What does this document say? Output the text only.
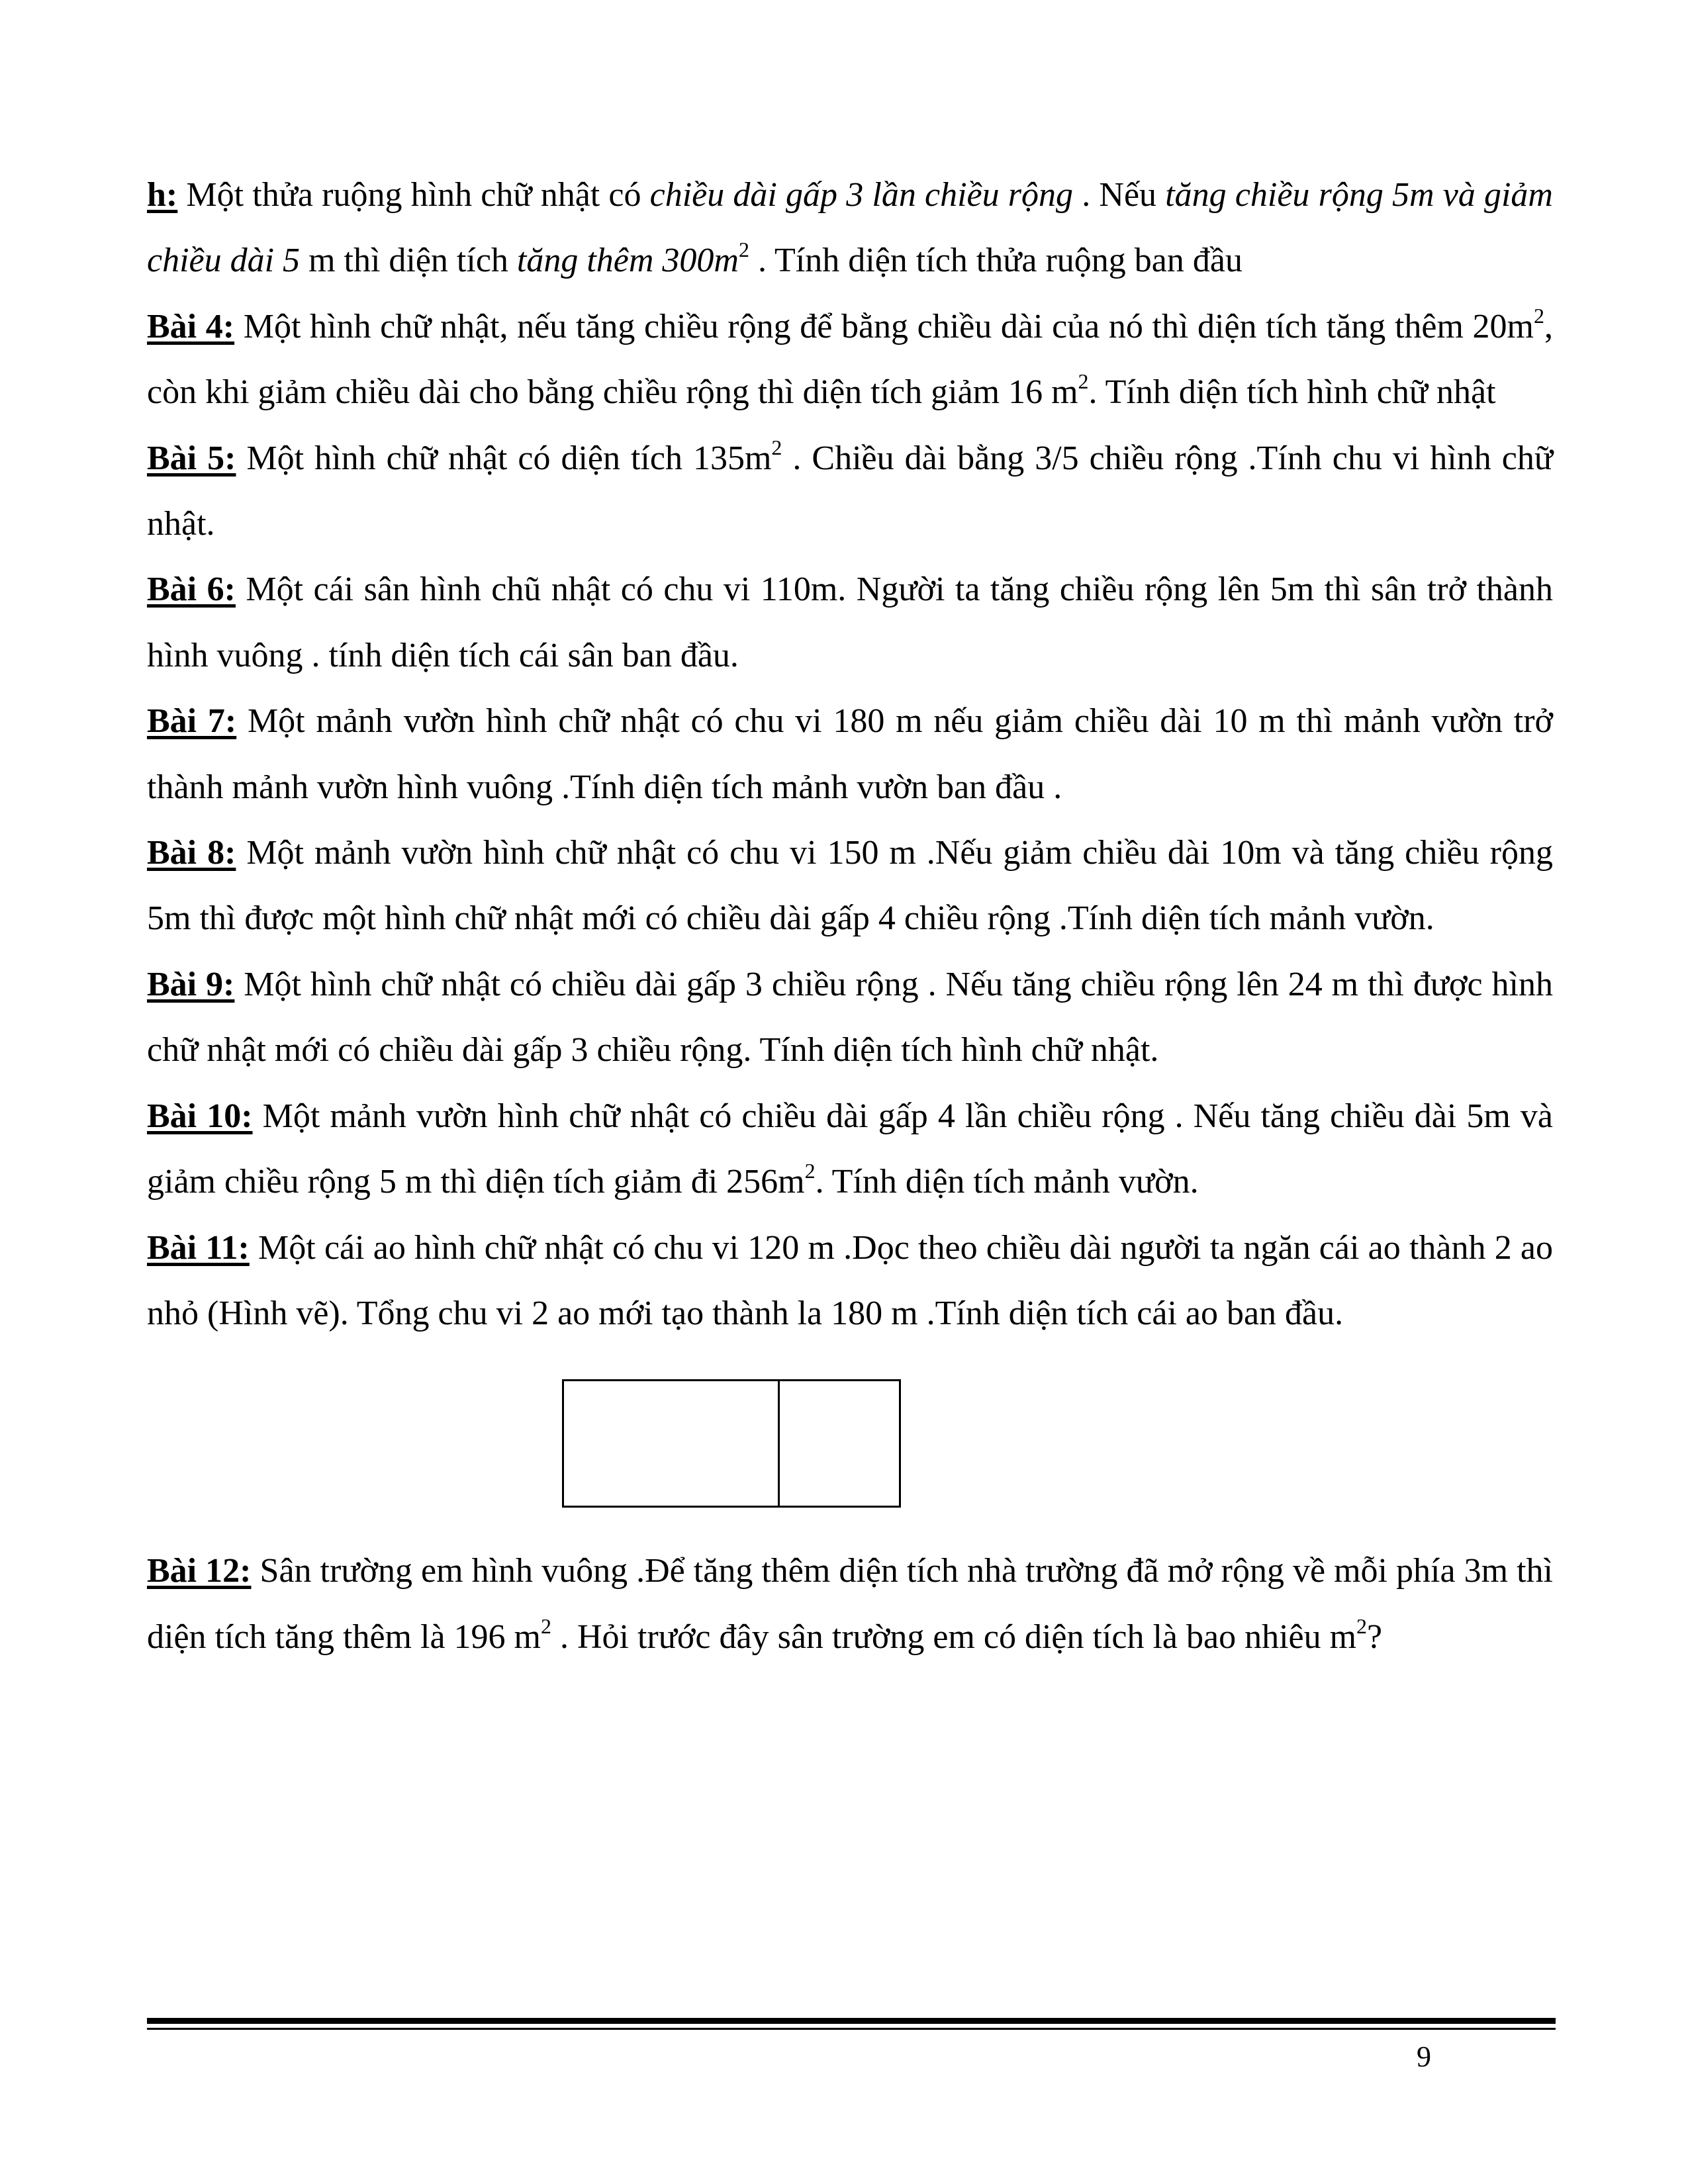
h: Một thửa ruộng hình chữ nhật có chiều dài gấp 3 lần chiều rộng . Nếu tăng chiều rộng 5m và giảm chiều dài 5 m thì diện tích tăng thêm $300m^2$ . Tính diện tích thửa ruộng ban đầu

Bài 4: Một hình chữ nhật, nếu tăng chiều rộng để bằng chiều dài của nó thì diện tích tăng thêm $20m^2$, còn khi giảm chiều dài cho bằng chiều rộng thì diện tích giảm 16 $m^2$. Tính diện tích hình chữ nhật

Bài 5: Một hình chữ nhật có diện tích $135m^2$ . Chiều dài bằng 3/5 chiều rộng .Tính chu vi hình chữ nhật.

Bài 6: Một cái sân hình chũ nhật có chu vi 110m. Người ta tăng chiều rộng lên 5m thì sân trở thành hình vuông . tính diện tích cái sân ban đầu.

Bài 7: Một mảnh vườn hình chữ nhật có chu vi 180 m nếu giảm chiều dài 10 m thì mảnh vườn trở thành mảnh vườn hình vuông .Tính diện tích mảnh vườn ban đầu .

Bài 8: Một mảnh vườn hình chữ nhật có chu vi 150 m .Nếu giảm chiều dài 10m và tăng chiều rộng 5m thì được một hình chữ nhật mới có chiều dài gấp 4 chiều rộng .Tính diện tích mảnh vườn.

Bài 9: Một hình chữ nhật có chiều dài gấp 3 chiều rộng . Nếu tăng chiều rộng lên 24 m thì được hình chữ nhật mới có chiều dài gấp 3 chiều rộng. Tính diện tích hình chữ nhật.

Bài 10: Một mảnh vườn hình chữ nhật có chiều dài gấp 4 lần chiều rộng . Nếu tăng chiều dài 5m và giảm chiều rộng 5 m thì diện tích giảm đi $256m^2$. Tính diện tích mảnh vườn.

Bài 11: Một cái ao hình chữ nhật có chu vi 120 m .Dọc theo chiều dài người ta ngăn cái ao thành 2 ao nhỏ (Hình vẽ). Tổng chu vi 2 ao mới tạo thành la 180 m .Tính diện tích cái ao ban đầu.

Bài 12: Sân trường em hình vuông .Để tăng thêm diện tích nhà trường đã mở rộng về mỗi phía 3m thì diện tích tăng thêm là 196 $m^2$ . Hỏi trước đây sân trường em có diện tích là bao nhiêu $m^2$?

9
